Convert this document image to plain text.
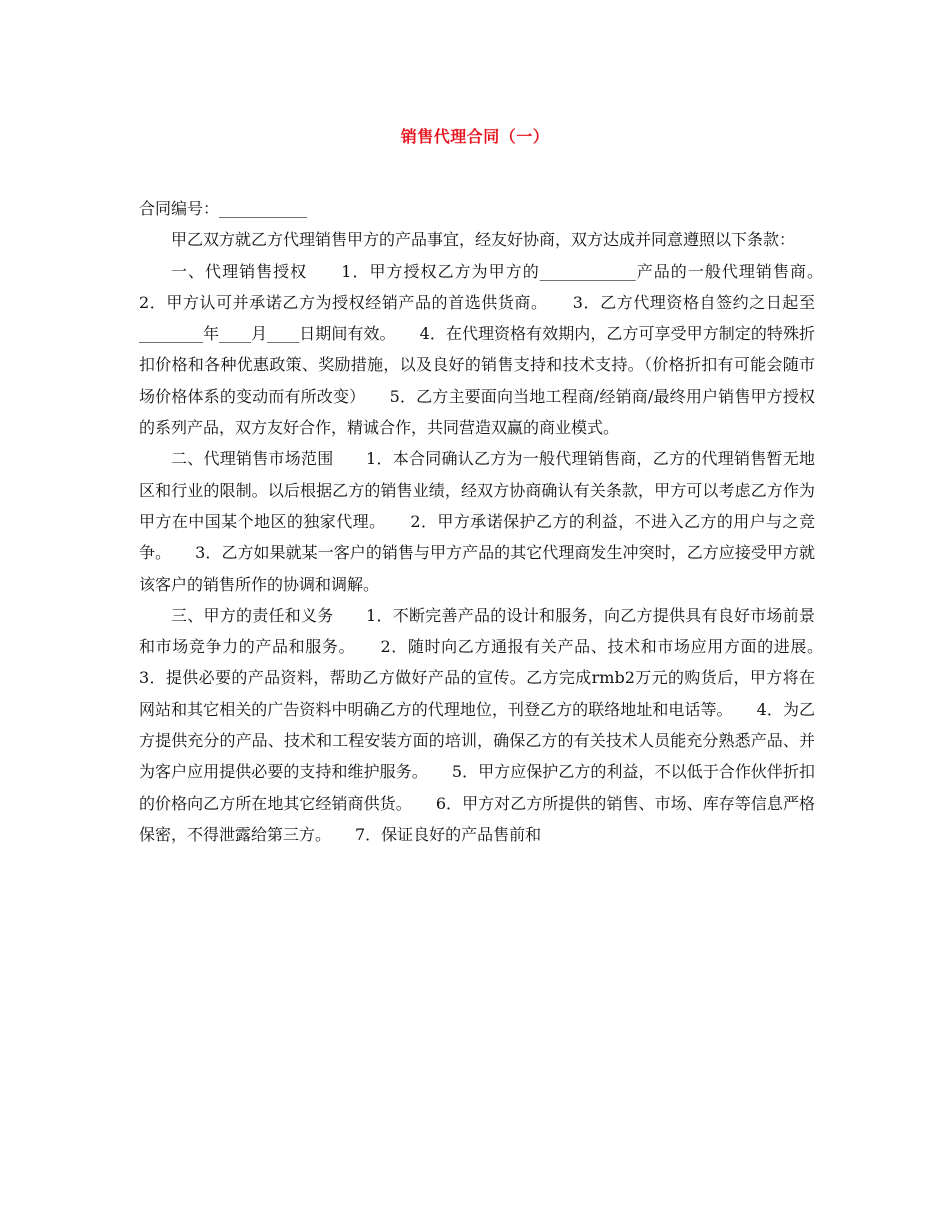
销售代理合同（一）

合同编号：___________

甲乙双方就乙方代理销售甲方的产品事宜，经友好协商，双方达成并同意遵照以下条款：

一、代理销售授权　　1．甲方授权乙方为甲方的____________产品的一般代理销售商。　　2．甲方认可并承诺乙方为授权经销产品的首选供货商。　　3．乙方代理资格自签约之日起至________年____月____日期间有效。　　4．在代理资格有效期内，乙方可享受甲方制定的特殊折扣价格和各种优惠政策、奖励措施，以及良好的销售支持和技术支持。（价格折扣有可能会随市场价格体系的变动而有所改变）　　5．乙方主要面向当地工程商/经销商/最终用户销售甲方授权的系列产品，双方友好合作，精诚合作，共同营造双赢的商业模式。

二、代理销售市场范围　　1．本合同确认乙方为一般代理销售商，乙方的代理销售暂无地区和行业的限制。以后根据乙方的销售业绩，经双方协商确认有关条款，甲方可以考虑乙方作为甲方在中国某个地区的独家代理。　　2．甲方承诺保护乙方的利益，不进入乙方的用户与之竞争。　　3．乙方如果就某一客户的销售与甲方产品的其它代理商发生冲突时，乙方应接受甲方就该客户的销售所作的协调和调解。

三、甲方的责任和义务　　1．不断完善产品的设计和服务，向乙方提供具有良好市场前景和市场竞争力的产品和服务。　　2．随时向乙方通报有关产品、技术和市场应用方面的进展。　　3．提供必要的产品资料，帮助乙方做好产品的宣传。乙方完成rmb2万元的购货后，甲方将在网站和其它相关的广告资料中明确乙方的代理地位，刊登乙方的联络地址和电话等。　　4．为乙方提供充分的产品、技术和工程安装方面的培训，确保乙方的有关技术人员能充分熟悉产品、并为客户应用提供必要的支持和维护服务。　　5．甲方应保护乙方的利益，不以低于合作伙伴折扣的价格向乙方所在地其它经销商供货。　　6．甲方对乙方所提供的销售、市场、库存等信息严格保密，不得泄露给第三方。　　7．保证良好的产品售前和
